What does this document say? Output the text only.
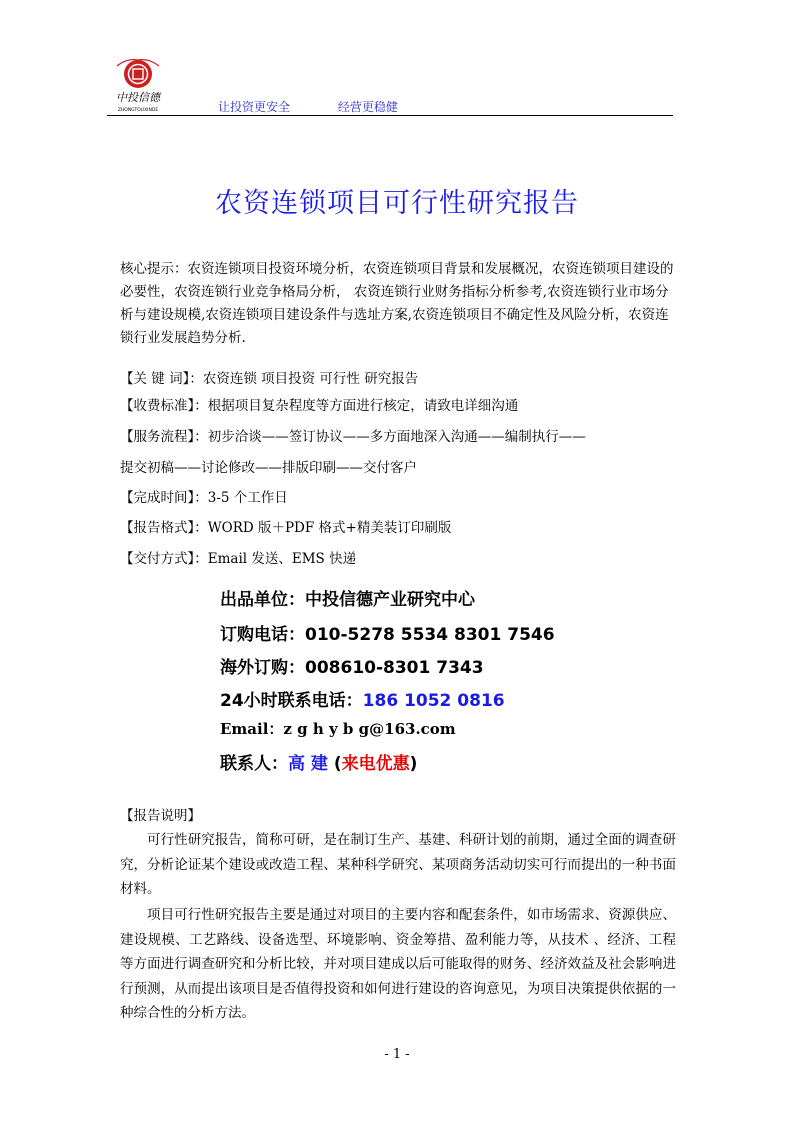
中投信德
ZHONGTOUXINDE	让投资更安全	经营更稳健
农资连锁项目可行性研究报告
核心提示：农资连锁项目投资环境分析，农资连锁项目背景和发展概况，农资连锁项目建设的必要性，农资连锁行业竞争格局分析， 农资连锁行业财务指标分析参考,农资连锁行业市场分析与建设规模,农资连锁项目建设条件与选址方案,农资连锁项目不确定性及风险分析，农资连锁行业发展趋势分析.
【关 键 词】：农资连锁 项目投资 可行性 研究报告
【收费标准】：根据项目复杂程度等方面进行核定，请致电详细沟通
【服务流程】：初步洽谈——签订协议——多方面地深入沟通——编制执行——
提交初稿——讨论修改——排版印刷——交付客户
【完成时间】：3-5 个工作日
【报告格式】：WORD 版＋PDF 格式+精美装订印刷版
【交付方式】：Email 发送、EMS 快递
出品单位：中投信德产业研究中心
订购电话：010-5278 5534 8301 7546
海外订购：008610-8301 7343
24小时联系电话：186 1052 0816
Email：z g h y b g@163.com
联系人：高 建 (来电优惠)
【报告说明】
可行性研究报告，简称可研，是在制订生产、基建、科研计划的前期，通过全面的调查研究，分析论证某个建设或改造工程、某种科学研究、某项商务活动切实可行而提出的一种书面材料。
项目可行性研究报告主要是通过对项目的主要内容和配套条件，如市场需求、资源供应、建设规模、工艺路线、设备选型、环境影响、资金筹措、盈利能力等，从技术 、经济、工程等方面进行调查研究和分析比较，并对项目建成以后可能取得的财务、经济效益及社会影响进行预测，从而提出该项目是否值得投资和如何进行建设的咨询意见，为项目决策提供依据的一种综合性的分析方法。
- 1 -
